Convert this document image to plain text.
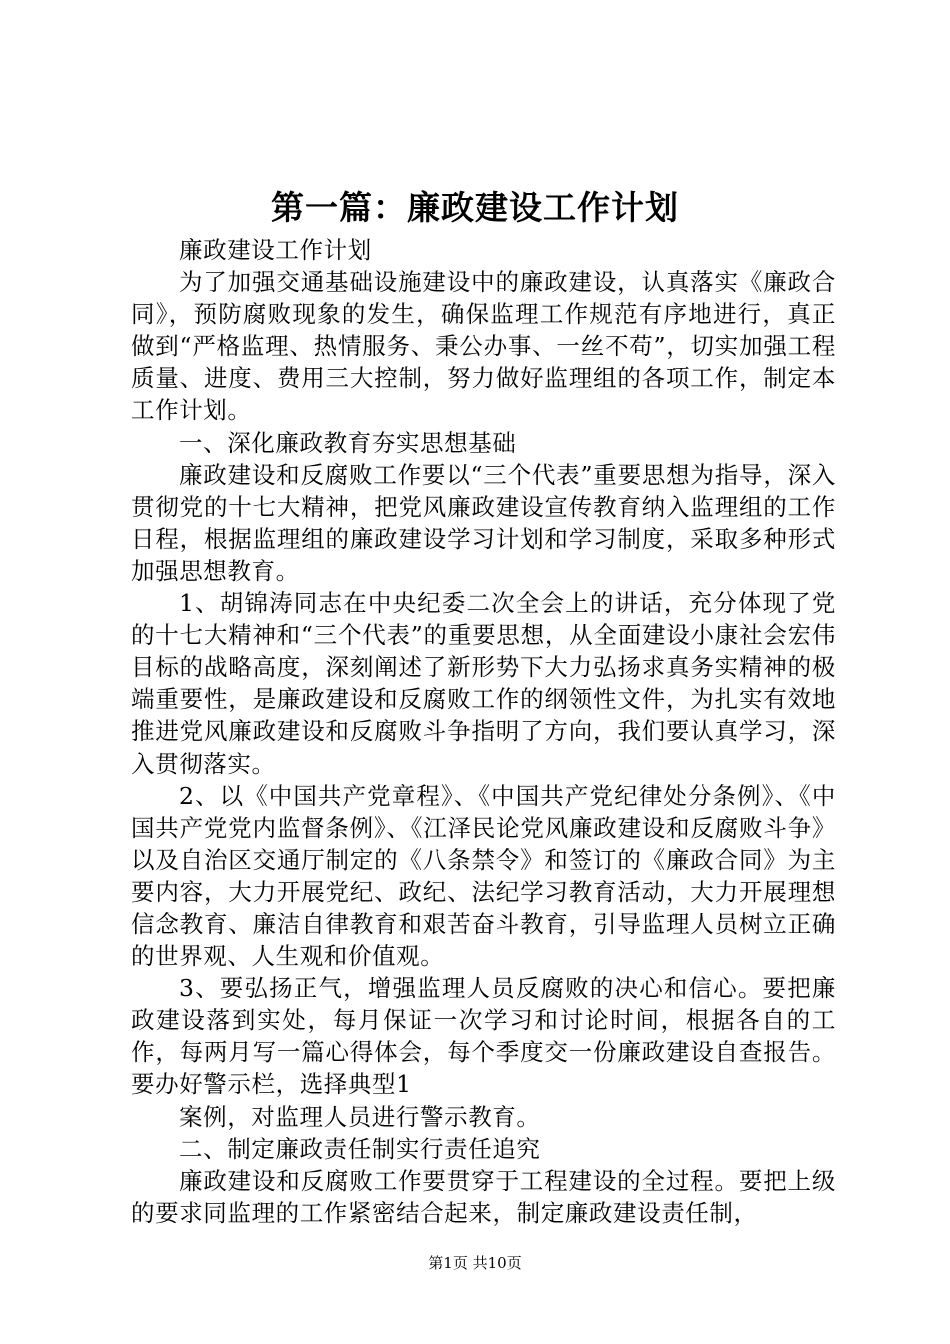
第一篇：廉政建设工作计划

廉政建设工作计划

为了加强交通基础设施建设中的廉政建设，认真落实《廉政合同》，预防腐败现象的发生，确保监理工作规范有序地进行，真正做到“严格监理、热情服务、秉公办事、一丝不苟”，切实加强工程质量、进度、费用三大控制，努力做好监理组的各项工作，制定本工作计划。

一、深化廉政教育夯实思想基础

廉政建设和反腐败工作要以“三个代表”重要思想为指导，深入贯彻党的十七大精神，把党风廉政建设宣传教育纳入监理组的工作日程，根据监理组的廉政建设学习计划和学习制度，采取多种形式加强思想教育。

1、胡锦涛同志在中央纪委二次全会上的讲话，充分体现了党的十七大精神和“三个代表”的重要思想，从全面建设小康社会宏伟目标的战略高度，深刻阐述了新形势下大力弘扬求真务实精神的极端重要性，是廉政建设和反腐败工作的纲领性文件，为扎实有效地推进党风廉政建设和反腐败斗争指明了方向，我们要认真学习，深入贯彻落实。

2、以《中国共产党章程》、《中国共产党纪律处分条例》、《中国共产党党内监督条例》、《江泽民论党风廉政建设和反腐败斗争》以及自治区交通厅制定的《八条禁令》和签订的《廉政合同》为主要内容，大力开展党纪、政纪、法纪学习教育活动，大力开展理想信念教育、廉洁自律教育和艰苦奋斗教育，引导监理人员树立正确的世界观、人生观和价值观。

3、要弘扬正气，增强监理人员反腐败的决心和信心。要把廉政建设落到实处，每月保证一次学习和讨论时间，根据各自的工作，每两月写一篇心得体会，每个季度交一份廉政建设自查报告。要办好警示栏，选择典型1

案例，对监理人员进行警示教育。

二、制定廉政责任制实行责任追究

廉政建设和反腐败工作要贯穿于工程建设的全过程。要把上级的要求同监理的工作紧密结合起来，制定廉政建设责任制，

第1页 共10页
